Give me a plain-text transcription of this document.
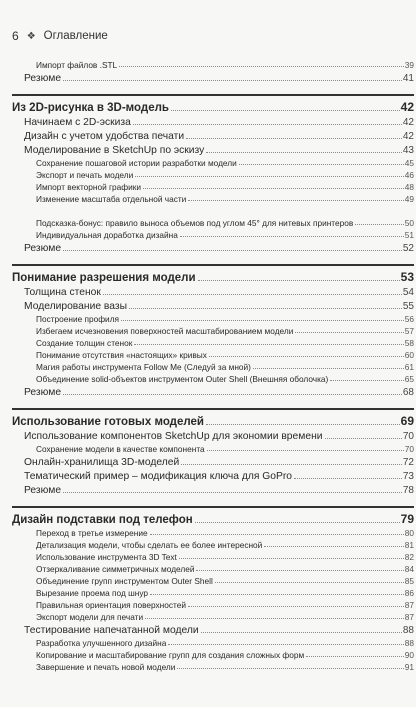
6 ❖ Оглавление
Импорт файлов .STL	39
Резюме	41
Из 2D-рисунка в 3D-модель	42
Начинаем с 2D-эскиза	42
Дизайн с учетом удобства печати	42
Моделирование в SketchUp по эскизу	43
Сохранение пошаговой истории разработки модели	45
Экспорт и печать модели	46
Импорт векторной графики	48
Изменение масштаба отдельной части	49
Подсказка-бонус: правило выноса объемов под углом 45° для нитевых принтеров	50
Индивидуальная доработка дизайна	51
Резюме	52
Понимание разрешения модели	53
Толщина стенок	54
Моделирование вазы	55
Построение профиля	56
Избегаем исчезновения поверхностей масштабированием модели	57
Создание толщин стенок	58
Понимание отсутствия «настоящих» кривых	60
Магия работы инструмента Follow Me (Следуй за мной)	61
Объединение solid-объектов инструментом Outer Shell (Внешняя оболочка)	65
Резюме	68
Использование готовых моделей	69
Использование компонентов SketchUp для экономии времени	70
Сохранение модели в качестве компонента	70
Онлайн-хранилища 3D-моделей	72
Тематический пример – модификация ключа для GoPro	73
Резюме	78
Дизайн подставки под телефон	79
Переход в третье измерение	80
Детализация модели, чтобы сделать ее более интересной	81
Использование инструмента 3D Text	82
Отзеркаливание симметричных моделей	84
Объединение групп инструментом Outer Shell	85
Вырезание проема под шнур	86
Правильная ориентация поверхностей	87
Экспорт модели для печати	87
Тестирование напечатанной модели	88
Разработка улучшенного дизайна	88
Копирование и масштабирование групп для создания сложных форм	90
Завершение и печать новой модели	91
